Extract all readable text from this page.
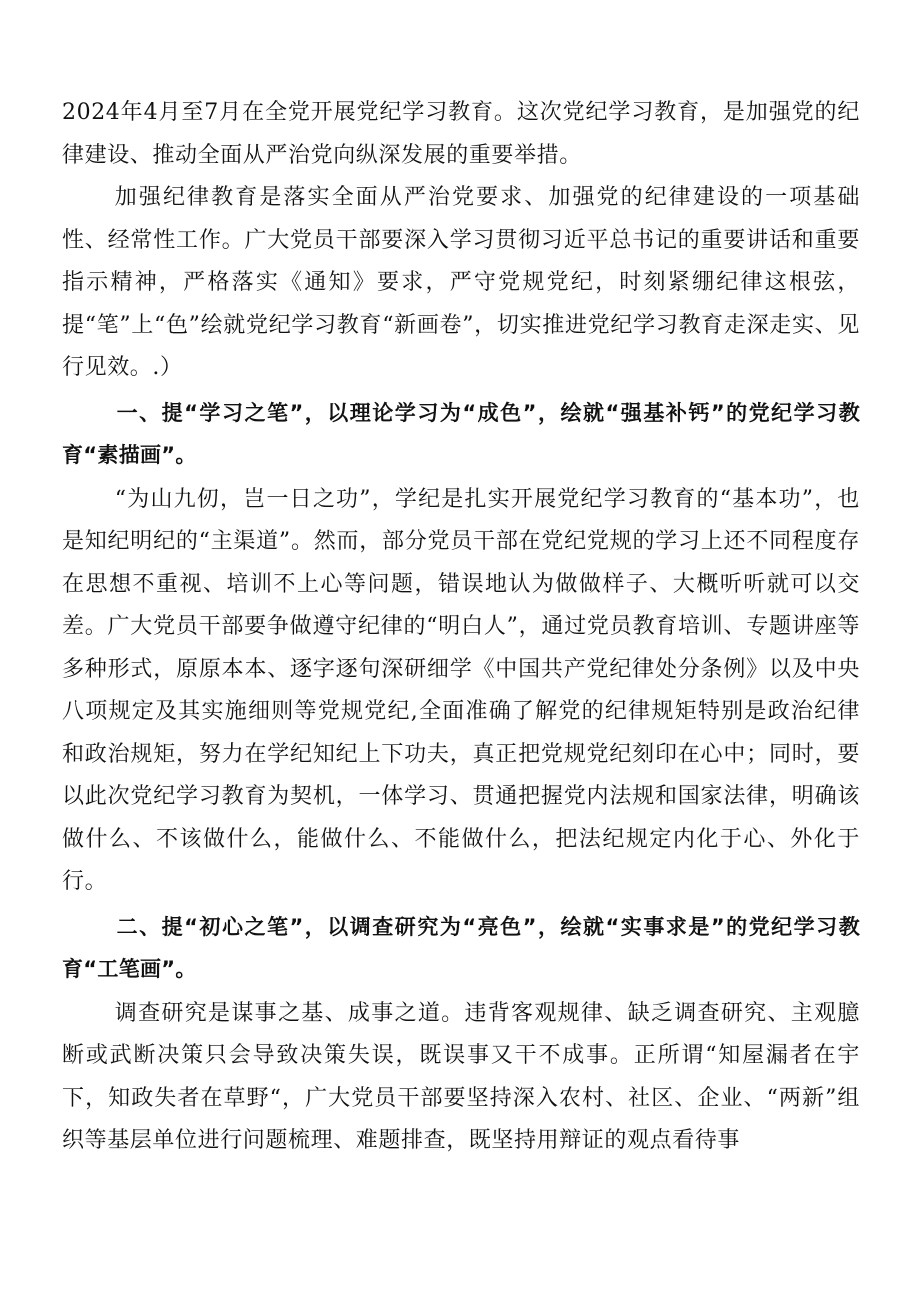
2024年4月至7月在全党开展党纪学习教育。这次党纪学习教育，是加强党的纪律建设、推动全面从严治党向纵深发展的重要举措。

加强纪律教育是落实全面从严治党要求、加强党的纪律建设的一项基础性、经常性工作。广大党员干部要深入学习贯彻习近平总书记的重要讲话和重要指示精神，严格落实《通知》要求，严守党规党纪，时刻紧绷纪律这根弦，提“笔”上“色”绘就党纪学习教育“新画卷”，切实推进党纪学习教育走深走实、见行见效。.）

一、提“学习之笔”，以理论学习为“成色”，绘就“强基补钙”的党纪学习教育“素描画”。

“为山九仞，岂一日之功”，学纪是扎实开展党纪学习教育的“基本功”，也是知纪明纪的“主渠道”。然而，部分党员干部在党纪党规的学习上还不同程度存在思想不重视、培训不上心等问题，错误地认为做做样子、大概听听就可以交差。广大党员干部要争做遵守纪律的“明白人”，通过党员教育培训、专题讲座等多种形式，原原本本、逐字逐句深研细学《中国共产党纪律处分条例》以及中央八项规定及其实施细则等党规党纪,全面准确了解党的纪律规矩特别是政治纪律和政治规矩，努力在学纪知纪上下功夫，真正把党规党纪刻印在心中；同时，要以此次党纪学习教育为契机，一体学习、贯通把握党内法规和国家法律，明确该做什么、不该做什么，能做什么、不能做什么，把法纪规定内化于心、外化于行。

二、提“初心之笔”，以调查研究为“亮色”，绘就“实事求是”的党纪学习教育“工笔画”。

调查研究是谋事之基、成事之道。违背客观规律、缺乏调查研究、主观臆断或武断决策只会导致决策失误，既误事又干不成事。正所谓“知屋漏者在宇下，知政失者在草野“，广大党员干部要坚持深入农村、社区、企业、“两新”组织等基层单位进行问题梳理、难题排查，既坚持用辩证的观点看待事
